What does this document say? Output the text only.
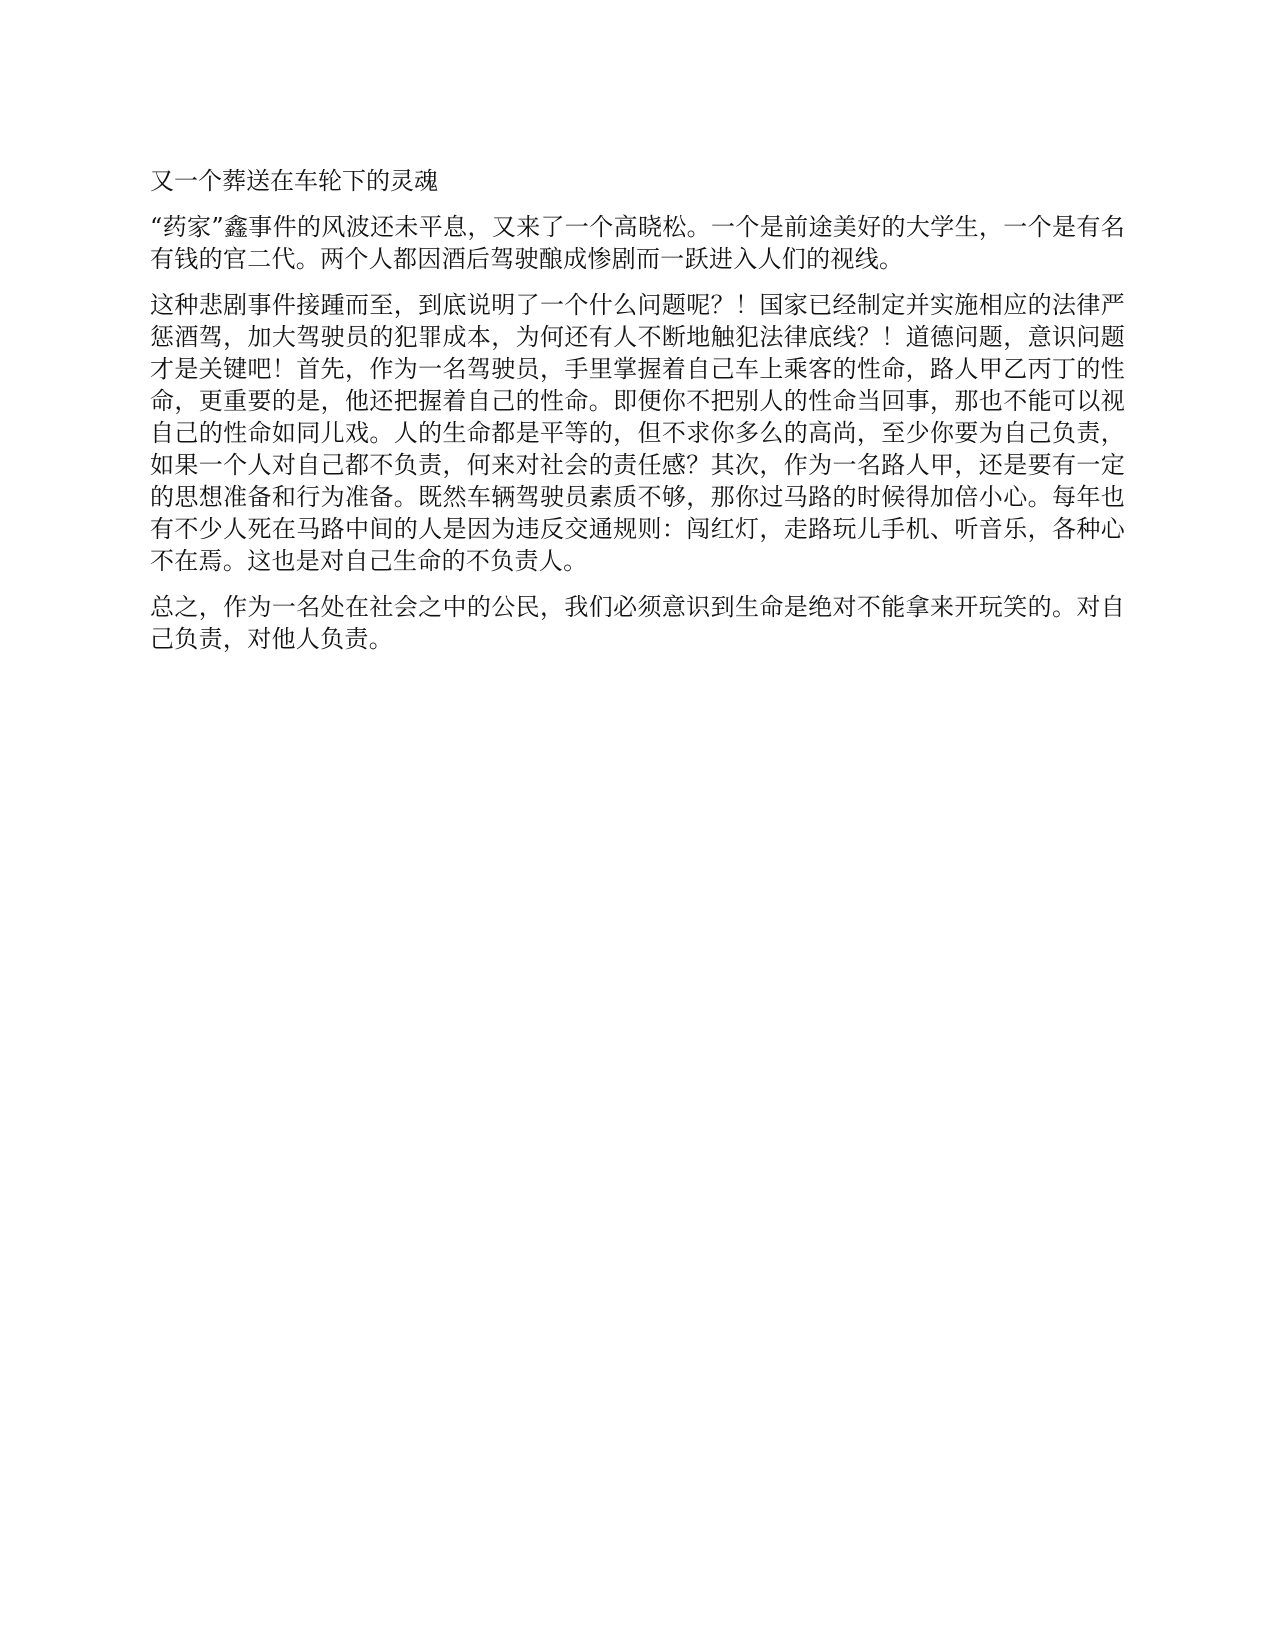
又一个葬送在车轮下的灵魂

“药家”鑫事件的风波还未平息，又来了一个高晓松。一个是前途美好的大学生，一个是有名有钱的官二代。两个人都因酒后驾驶酿成惨剧而一跃进入人们的视线。

这种悲剧事件接踵而至，到底说明了一个什么问题呢？！国家已经制定并实施相应的法律严惩酒驾，加大驾驶员的犯罪成本，为何还有人不断地触犯法律底线？！道德问题，意识问题才是关键吧！首先，作为一名驾驶员，手里掌握着自己车上乘客的性命，路人甲乙丙丁的性命，更重要的是，他还把握着自己的性命。即便你不把别人的性命当回事，那也不能可以视自己的性命如同儿戏。人的生命都是平等的，但不求你多么的高尚，至少你要为自己负责，如果一个人对自己都不负责，何来对社会的责任感？其次，作为一名路人甲，还是要有一定的思想准备和行为准备。既然车辆驾驶员素质不够，那你过马路的时候得加倍小心。每年也有不少人死在马路中间的人是因为违反交通规则：闯红灯，走路玩儿手机、听音乐，各种心不在焉。这也是对自己生命的不负责人。

总之，作为一名处在社会之中的公民，我们必须意识到生命是绝对不能拿来开玩笑的。对自己负责，对他人负责。
